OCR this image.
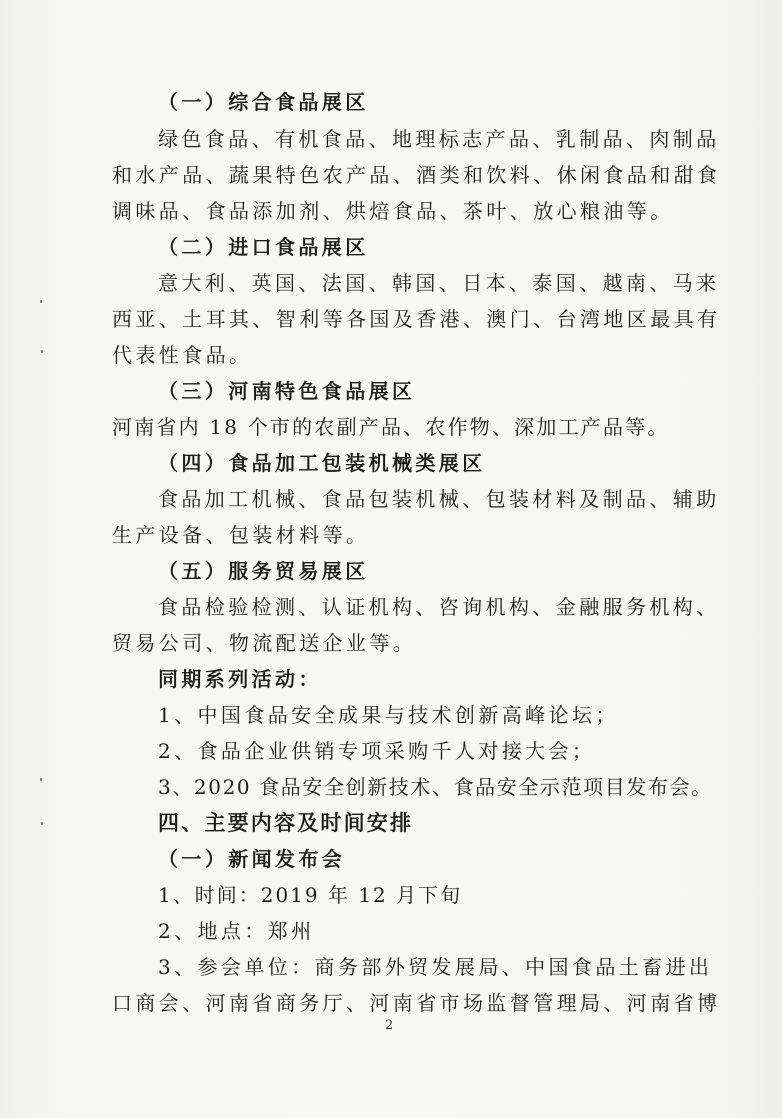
（一）综合食品展区
绿色食品、有机食品、地理标志产品、乳制品、肉制品
和水产品、蔬果特色农产品、酒类和饮料、休闲食品和甜食
调味品、食品添加剂、烘焙食品、茶叶、放心粮油等。
（二）进口食品展区
意大利、英国、法国、韩国、日本、泰国、越南、马来
西亚、土耳其、智利等各国及香港、澳门、台湾地区最具有
代表性食品。
（三）河南特色食品展区
河南省内 18 个市的农副产品、农作物、深加工产品等。
（四）食品加工包装机械类展区
食品加工机械、食品包装机械、包装材料及制品、辅助
生产设备、包装材料等。
（五）服务贸易展区
食品检验检测、认证机构、咨询机构、金融服务机构、
贸易公司、物流配送企业等。
同期系列活动：
1、中国食品安全成果与技术创新高峰论坛；
2、食品企业供销专项采购千人对接大会；
3、2020 食品安全创新技术、食品安全示范项目发布会。
四、主要内容及时间安排
（一）新闻发布会
1、时间：2019 年 12 月下旬
2、地点：郑州
3、参会单位：商务部外贸发展局、中国食品土畜进出
口商会、河南省商务厅、河南省市场监督管理局、河南省博
2
